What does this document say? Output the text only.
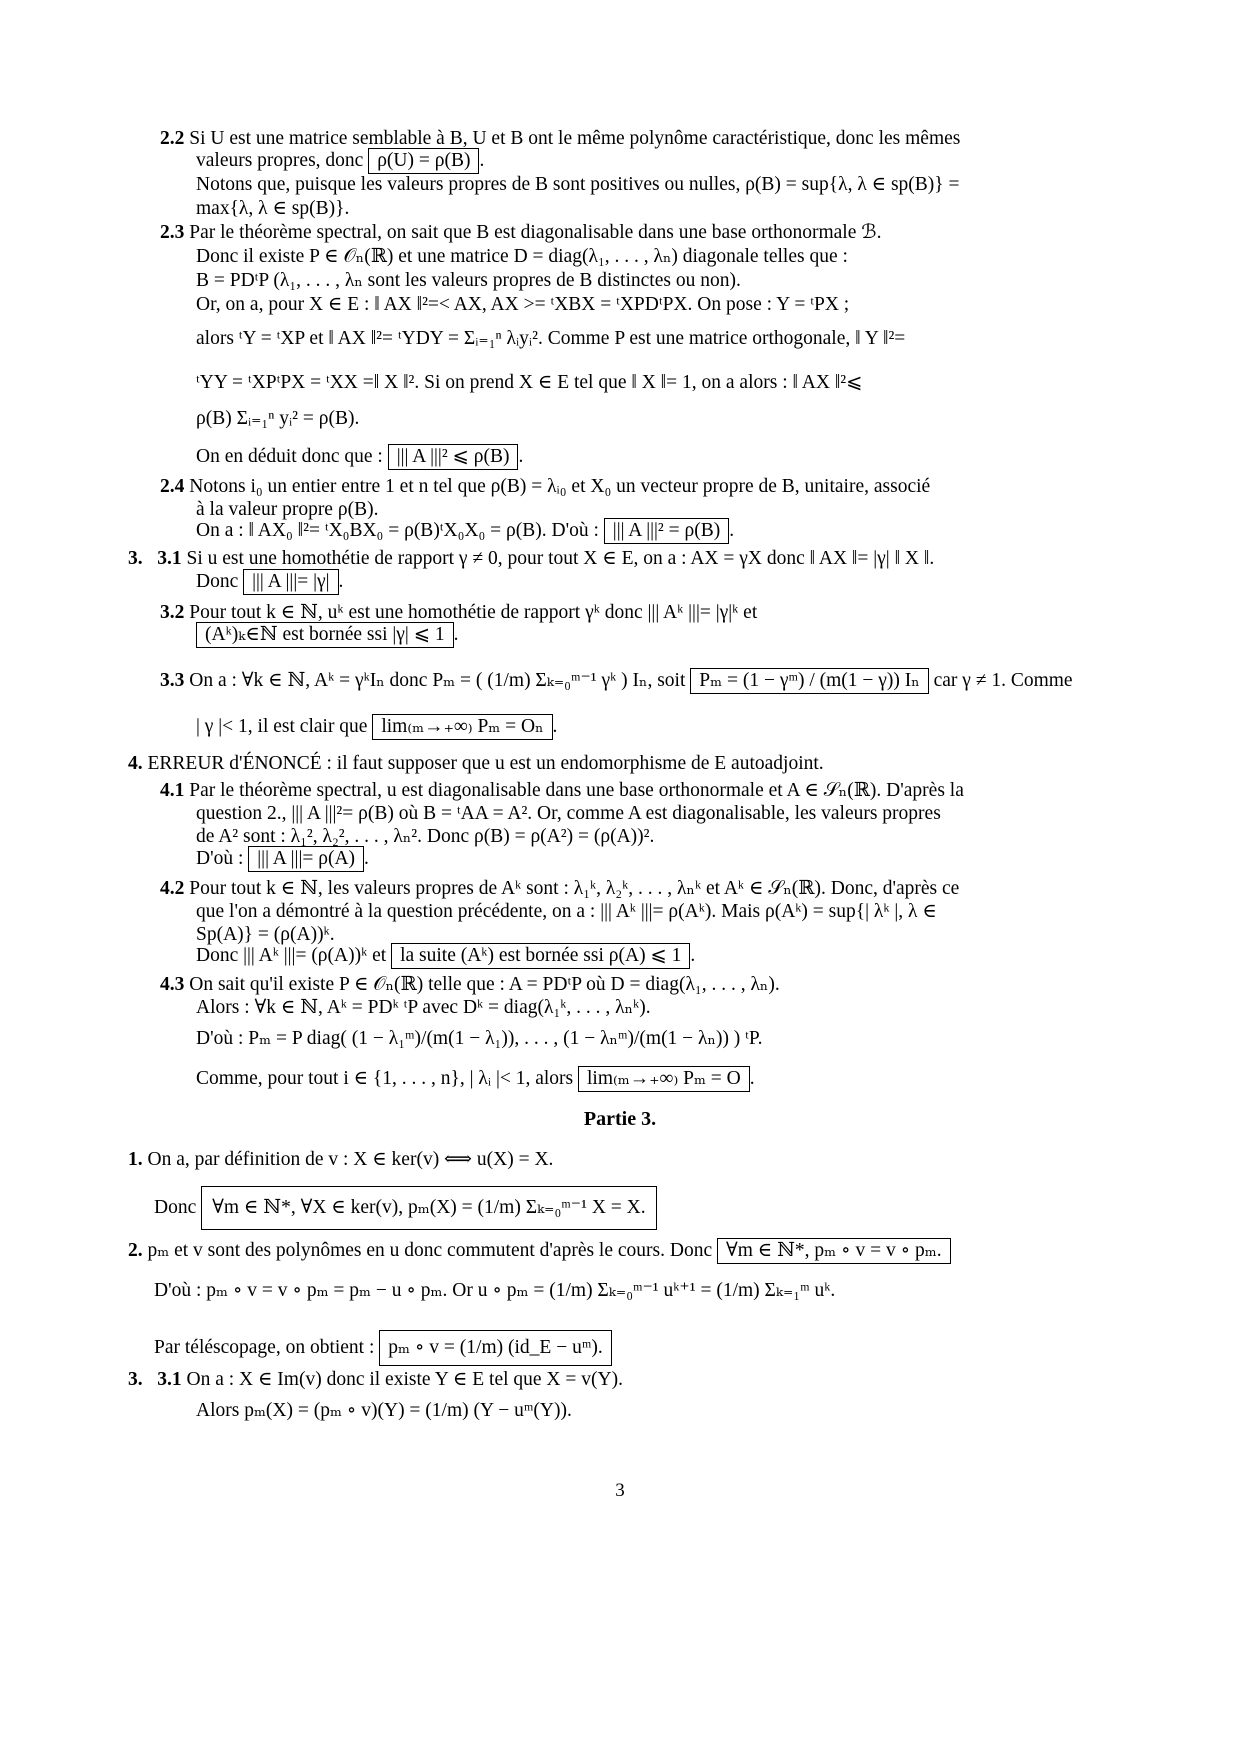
2.2 Si U est une matrice semblable à B, U et B ont le même polynôme caractéristique, donc les mêmes
valeurs propres, donc ρ(U) = ρ(B) .
Notons que, puisque les valeurs propres de B sont positives ou nulles, ρ(B) = sup{λ, λ ∈ sp(B)} =
max{λ, λ ∈ sp(B)}.
2.3 Par le théorème spectral, on sait que B est diagonalisable dans une base orthonormale ℬ.
Donc il existe P ∈ 𝒪ₙ(ℝ) et une matrice D = diag(λ₁, . . . , λₙ) diagonale telles que :
B = PDᵗP (λ₁, . . . , λₙ sont les valeurs propres de B distinctes ou non).
Or, on a, pour X ∈ E : ‖ AX ‖²=< AX, AX >= ᵗXBX = ᵗXPDᵗPX. On pose : Y = ᵗPX ;
alors ᵗY = ᵗXP et ‖ AX ‖²= ᵗYDY = Σᵢ₌₁ⁿ λᵢyᵢ². Comme P est une matrice orthogonale, ‖ Y ‖²=
ᵗYY = ᵗXPᵗPX = ᵗXX =‖ X ‖². Si on prend X ∈ E tel que ‖ X ‖= 1, on a alors : ‖ AX ‖²⩽
ρ(B) Σᵢ₌₁ⁿ yᵢ² = ρ(B).
On en déduit donc que : ||| A |||² ⩽ ρ(B) .
2.4 Notons i₀ un entier entre 1 et n tel que ρ(B) = λᵢ₀ et X₀ un vecteur propre de B, unitaire, associé
à la valeur propre ρ(B).
On a : ‖ AX₀ ‖²= ᵗX₀BX₀ = ρ(B)ᵗX₀X₀ = ρ(B). D'où : ||| A |||² = ρ(B) .
3.   3.1 Si u est une homothétie de rapport γ ≠ 0, pour tout X ∈ E, on a : AX = γX donc ‖ AX ‖= |γ| ‖ X ‖.
Donc ||| A |||= |γ| .
3.2 Pour tout k ∈ ℕ, uᵏ est une homothétie de rapport γᵏ donc ||| Aᵏ |||= |γ|ᵏ et
(Aᵏ)ₖ∈ℕ est bornée ssi |γ| ⩽ 1 .
3.3 On a : ∀k ∈ ℕ, Aᵏ = γᵏIₙ donc Pₘ = ( (1/m) Σₖ₌₀ᵐ⁻¹ γᵏ ) Iₙ, soit Pₘ = (1 − γᵐ) / (m(1 − γ)) Iₙ car γ ≠ 1. Comme
| γ |< 1, il est clair que lim₍ₘ→₊∞₎ Pₘ = Oₙ .
4. ERREUR d'ÉNONCÉ : il faut supposer que u est un endomorphisme de E autoadjoint.
4.1 Par le théorème spectral, u est diagonalisable dans une base orthonormale et A ∈ 𝒮ₙ(ℝ). D'après la
question 2., ||| A |||²= ρ(B) où B = ᵗAA = A². Or, comme A est diagonalisable, les valeurs propres
de A² sont : λ₁², λ₂², . . . , λₙ². Donc ρ(B) = ρ(A²) = (ρ(A))².
D'où : ||| A |||= ρ(A) .
4.2 Pour tout k ∈ ℕ, les valeurs propres de Aᵏ sont : λ₁ᵏ, λ₂ᵏ, . . . , λₙᵏ et Aᵏ ∈ 𝒮ₙ(ℝ). Donc, d'après ce
que l'on a démontré à la question précédente, on a : ||| Aᵏ |||= ρ(Aᵏ). Mais ρ(Aᵏ) = sup{| λᵏ |, λ ∈
Sp(A)} = (ρ(A))ᵏ.
Donc ||| Aᵏ |||= (ρ(A))ᵏ et la suite (Aᵏ) est bornée ssi ρ(A) ⩽ 1 .
4.3 On sait qu'il existe P ∈ 𝒪ₙ(ℝ) telle que : A = PDᵗP où D = diag(λ₁, . . . , λₙ).
Alors : ∀k ∈ ℕ, Aᵏ = PDᵏ ᵗP avec Dᵏ = diag(λ₁ᵏ, . . . , λₙᵏ).
D'où : Pₘ = P diag( (1 − λ₁ᵐ)/(m(1 − λ₁)), . . . , (1 − λₙᵐ)/(m(1 − λₙ)) ) ᵗP.
Comme, pour tout i ∈ {1, . . . , n}, | λᵢ |< 1, alors lim₍ₘ→₊∞₎ Pₘ = O .
Partie 3.
1. On a, par définition de v : X ∈ ker(v) ⟺ u(X) = X.
Donc ∀m ∈ ℕ*, ∀X ∈ ker(v), pₘ(X) = (1/m) Σₖ₌₀ᵐ⁻¹ X = X.
2. pₘ et v sont des polynômes en u donc commutent d'après le cours. Donc ∀m ∈ ℕ*, pₘ ∘ v = v ∘ pₘ.
D'où : pₘ ∘ v = v ∘ pₘ = pₘ − u ∘ pₘ. Or u ∘ pₘ = (1/m) Σₖ₌₀ᵐ⁻¹ uᵏ⁺¹ = (1/m) Σₖ₌₁ᵐ uᵏ.
Par téléscopage, on obtient : pₘ ∘ v = (1/m) (id_E − uᵐ).
3.   3.1 On a : X ∈ Im(v) donc il existe Y ∈ E tel que X = v(Y).
Alors pₘ(X) = (pₘ ∘ v)(Y) = (1/m) (Y − uᵐ(Y)).
3
